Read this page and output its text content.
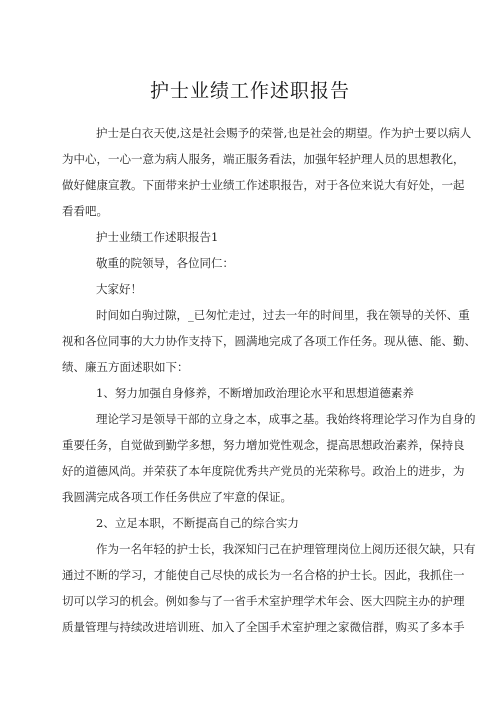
护士业绩工作述职报告
护士是白衣天使,这是社会赐予的荣誉,也是社会的期望。作为护士要以病人
为中心，一心一意为病人服务，端正服务看法，加强年轻护理人员的思想教化，
做好健康宣教。下面带来护士业绩工作述职报告，对于各位来说大有好处，一起
看看吧。
护士业绩工作述职报告1
敬重的院领导，各位同仁：
大家好！
时间如白驹过隙，_已匆忙走过，过去一年的时间里，我在领导的关怀、重
视和各位同事的大力协作支持下，圆满地完成了各项工作任务。现从德、能、勤、
绩、廉五方面述职如下：
1、努力加强自身修养，不断增加政治理论水平和思想道德素养
理论学习是领导干部的立身之本，成事之基。我始终将理论学习作为自身的
重要任务，自觉做到勤学多想，努力增加党性观念，提高思想政治素养，保持良
好的道德风尚。并荣获了本年度院优秀共产党员的光荣称号。政治上的进步，为
我圆满完成各项工作任务供应了牢意的保证。
2、立足本职，不断提高自己的综合实力
作为一名年轻的护士长，我深知闩己在护理管理岗位上阅历还很欠缺，只有
通过不断的学习，才能使自己尽快的成长为一名合格的护士长。因此，我抓住一
切可以学习的机会。例如参与了一省手术室护理学术年会、医大四院主办的护理
质量管理与持续改进培训班、加入了全国手术室护理之家微信群，购买了多本手
